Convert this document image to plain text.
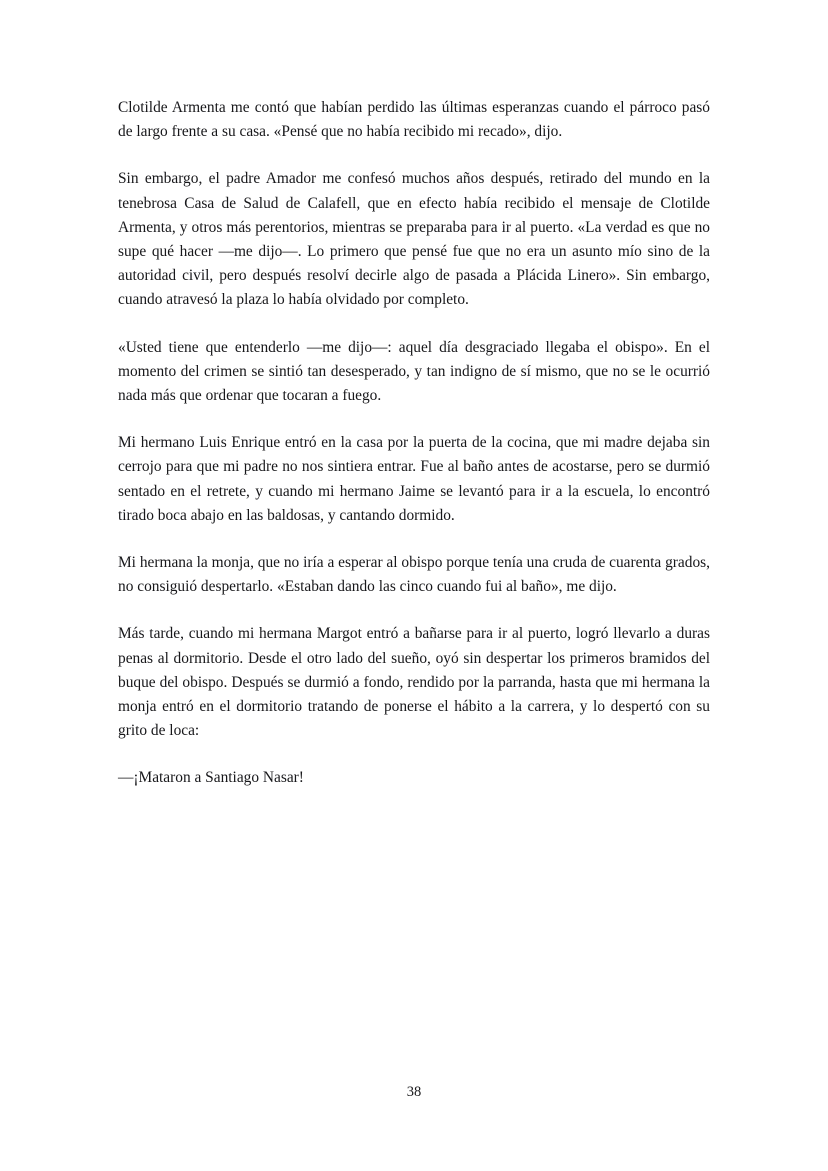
Clotilde Armenta me contó que habían perdido las últimas esperanzas cuando el párroco pasó de largo frente a su casa. «Pensé que no había recibido mi recado», dijo.

Sin embargo, el padre Amador me confesó muchos años después, retirado del mundo en la tenebrosa Casa de Salud de Calafell, que en efecto había recibido el mensaje de Clotilde Armenta, y otros más perentorios, mientras se preparaba para ir al puerto. «La verdad es que no supe qué hacer —me dijo—. Lo primero que pensé fue que no era un asunto mío sino de la autoridad civil, pero después resolví decirle algo de pasada a Plácida Linero». Sin embargo, cuando atravesó la plaza lo había olvidado por completo.

«Usted tiene que entenderlo —me dijo—: aquel día desgraciado llegaba el obispo». En el momento del crimen se sintió tan desesperado, y tan indigno de sí mismo, que no se le ocurrió nada más que ordenar que tocaran a fuego.

Mi hermano Luis Enrique entró en la casa por la puerta de la cocina, que mi madre dejaba sin cerrojo para que mi padre no nos sintiera entrar. Fue al baño antes de acostarse, pero se durmió sentado en el retrete, y cuando mi hermano Jaime se levantó para ir a la escuela, lo encontró tirado boca abajo en las baldosas, y cantando dormido.

Mi hermana la monja, que no iría a esperar al obispo porque tenía una cruda de cuarenta grados, no consiguió despertarlo. «Estaban dando las cinco cuando fui al baño», me dijo.

Más tarde, cuando mi hermana Margot entró a bañarse para ir al puerto, logró llevarlo a duras penas al dormitorio. Desde el otro lado del sueño, oyó sin despertar los primeros bramidos del buque del obispo. Después se durmió a fondo, rendido por la parranda, hasta que mi hermana la monja entró en el dormitorio tratando de ponerse el hábito a la carrera, y lo despertó con su grito de loca:

—¡Mataron a Santiago Nasar!

38
